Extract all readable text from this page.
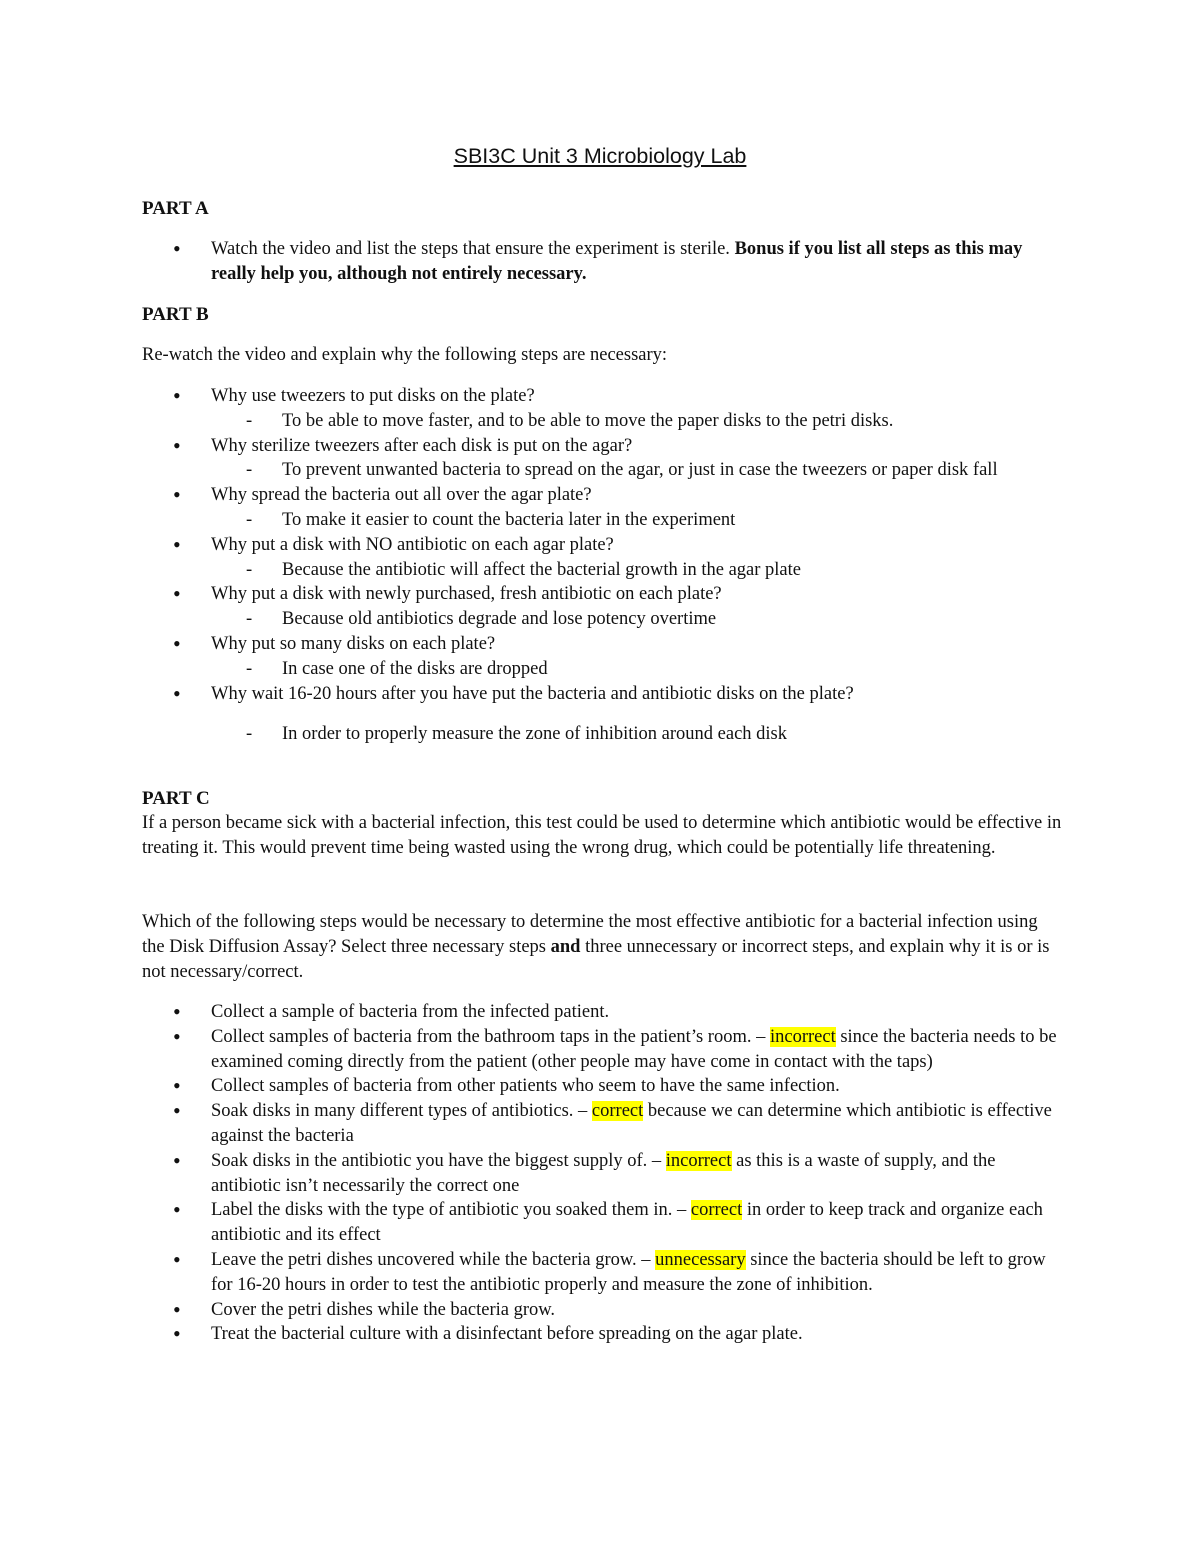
SBI3C Unit 3 Microbiology Lab
PART A
• Watch the video and list the steps that ensure the experiment is sterile. Bonus if you list all steps as this may really help you, although not entirely necessary.
PART B
Re-watch the video and explain why the following steps are necessary:
• Why use tweezers to put disks on the plate?
- To be able to move faster, and to be able to move the paper disks to the petri disks.
• Why sterilize tweezers after each disk is put on the agar?
- To prevent unwanted bacteria to spread on the agar, or just in case the tweezers or paper disk fall
• Why spread the bacteria out all over the agar plate?
- To make it easier to count the bacteria later in the experiment
• Why put a disk with NO antibiotic on each agar plate?
- Because the antibiotic will affect the bacterial growth in the agar plate
• Why put a disk with newly purchased, fresh antibiotic on each plate?
- Because old antibiotics degrade and lose potency overtime
• Why put so many disks on each plate?
- In case one of the disks are dropped
• Why wait 16-20 hours after you have put the bacteria and antibiotic disks on the plate?
- In order to properly measure the zone of inhibition around each disk
PART C
If a person became sick with a bacterial infection, this test could be used to determine which antibiotic would be effective in treating it. This would prevent time being wasted using the wrong drug, which could be potentially life threatening.
Which of the following steps would be necessary to determine the most effective antibiotic for a bacterial infection using the Disk Diffusion Assay? Select three necessary steps and three unnecessary or incorrect steps, and explain why it is or is not necessary/correct.
• Collect a sample of bacteria from the infected patient.
• Collect samples of bacteria from the bathroom taps in the patient’s room. – incorrect since the bacteria needs to be examined coming directly from the patient (other people may have come in contact with the taps)
• Collect samples of bacteria from other patients who seem to have the same infection.
• Soak disks in many different types of antibiotics. – correct because we can determine which antibiotic is effective against the bacteria
• Soak disks in the antibiotic you have the biggest supply of. – incorrect as this is a waste of supply, and the antibiotic isn’t necessarily the correct one
• Label the disks with the type of antibiotic you soaked them in. – correct in order to keep track and organize each antibiotic and its effect
• Leave the petri dishes uncovered while the bacteria grow. – unnecessary since the bacteria should be left to grow for 16-20 hours in order to test the antibiotic properly and measure the zone of inhibition.
• Cover the petri dishes while the bacteria grow.
• Treat the bacterial culture with a disinfectant before spreading on the agar plate.
